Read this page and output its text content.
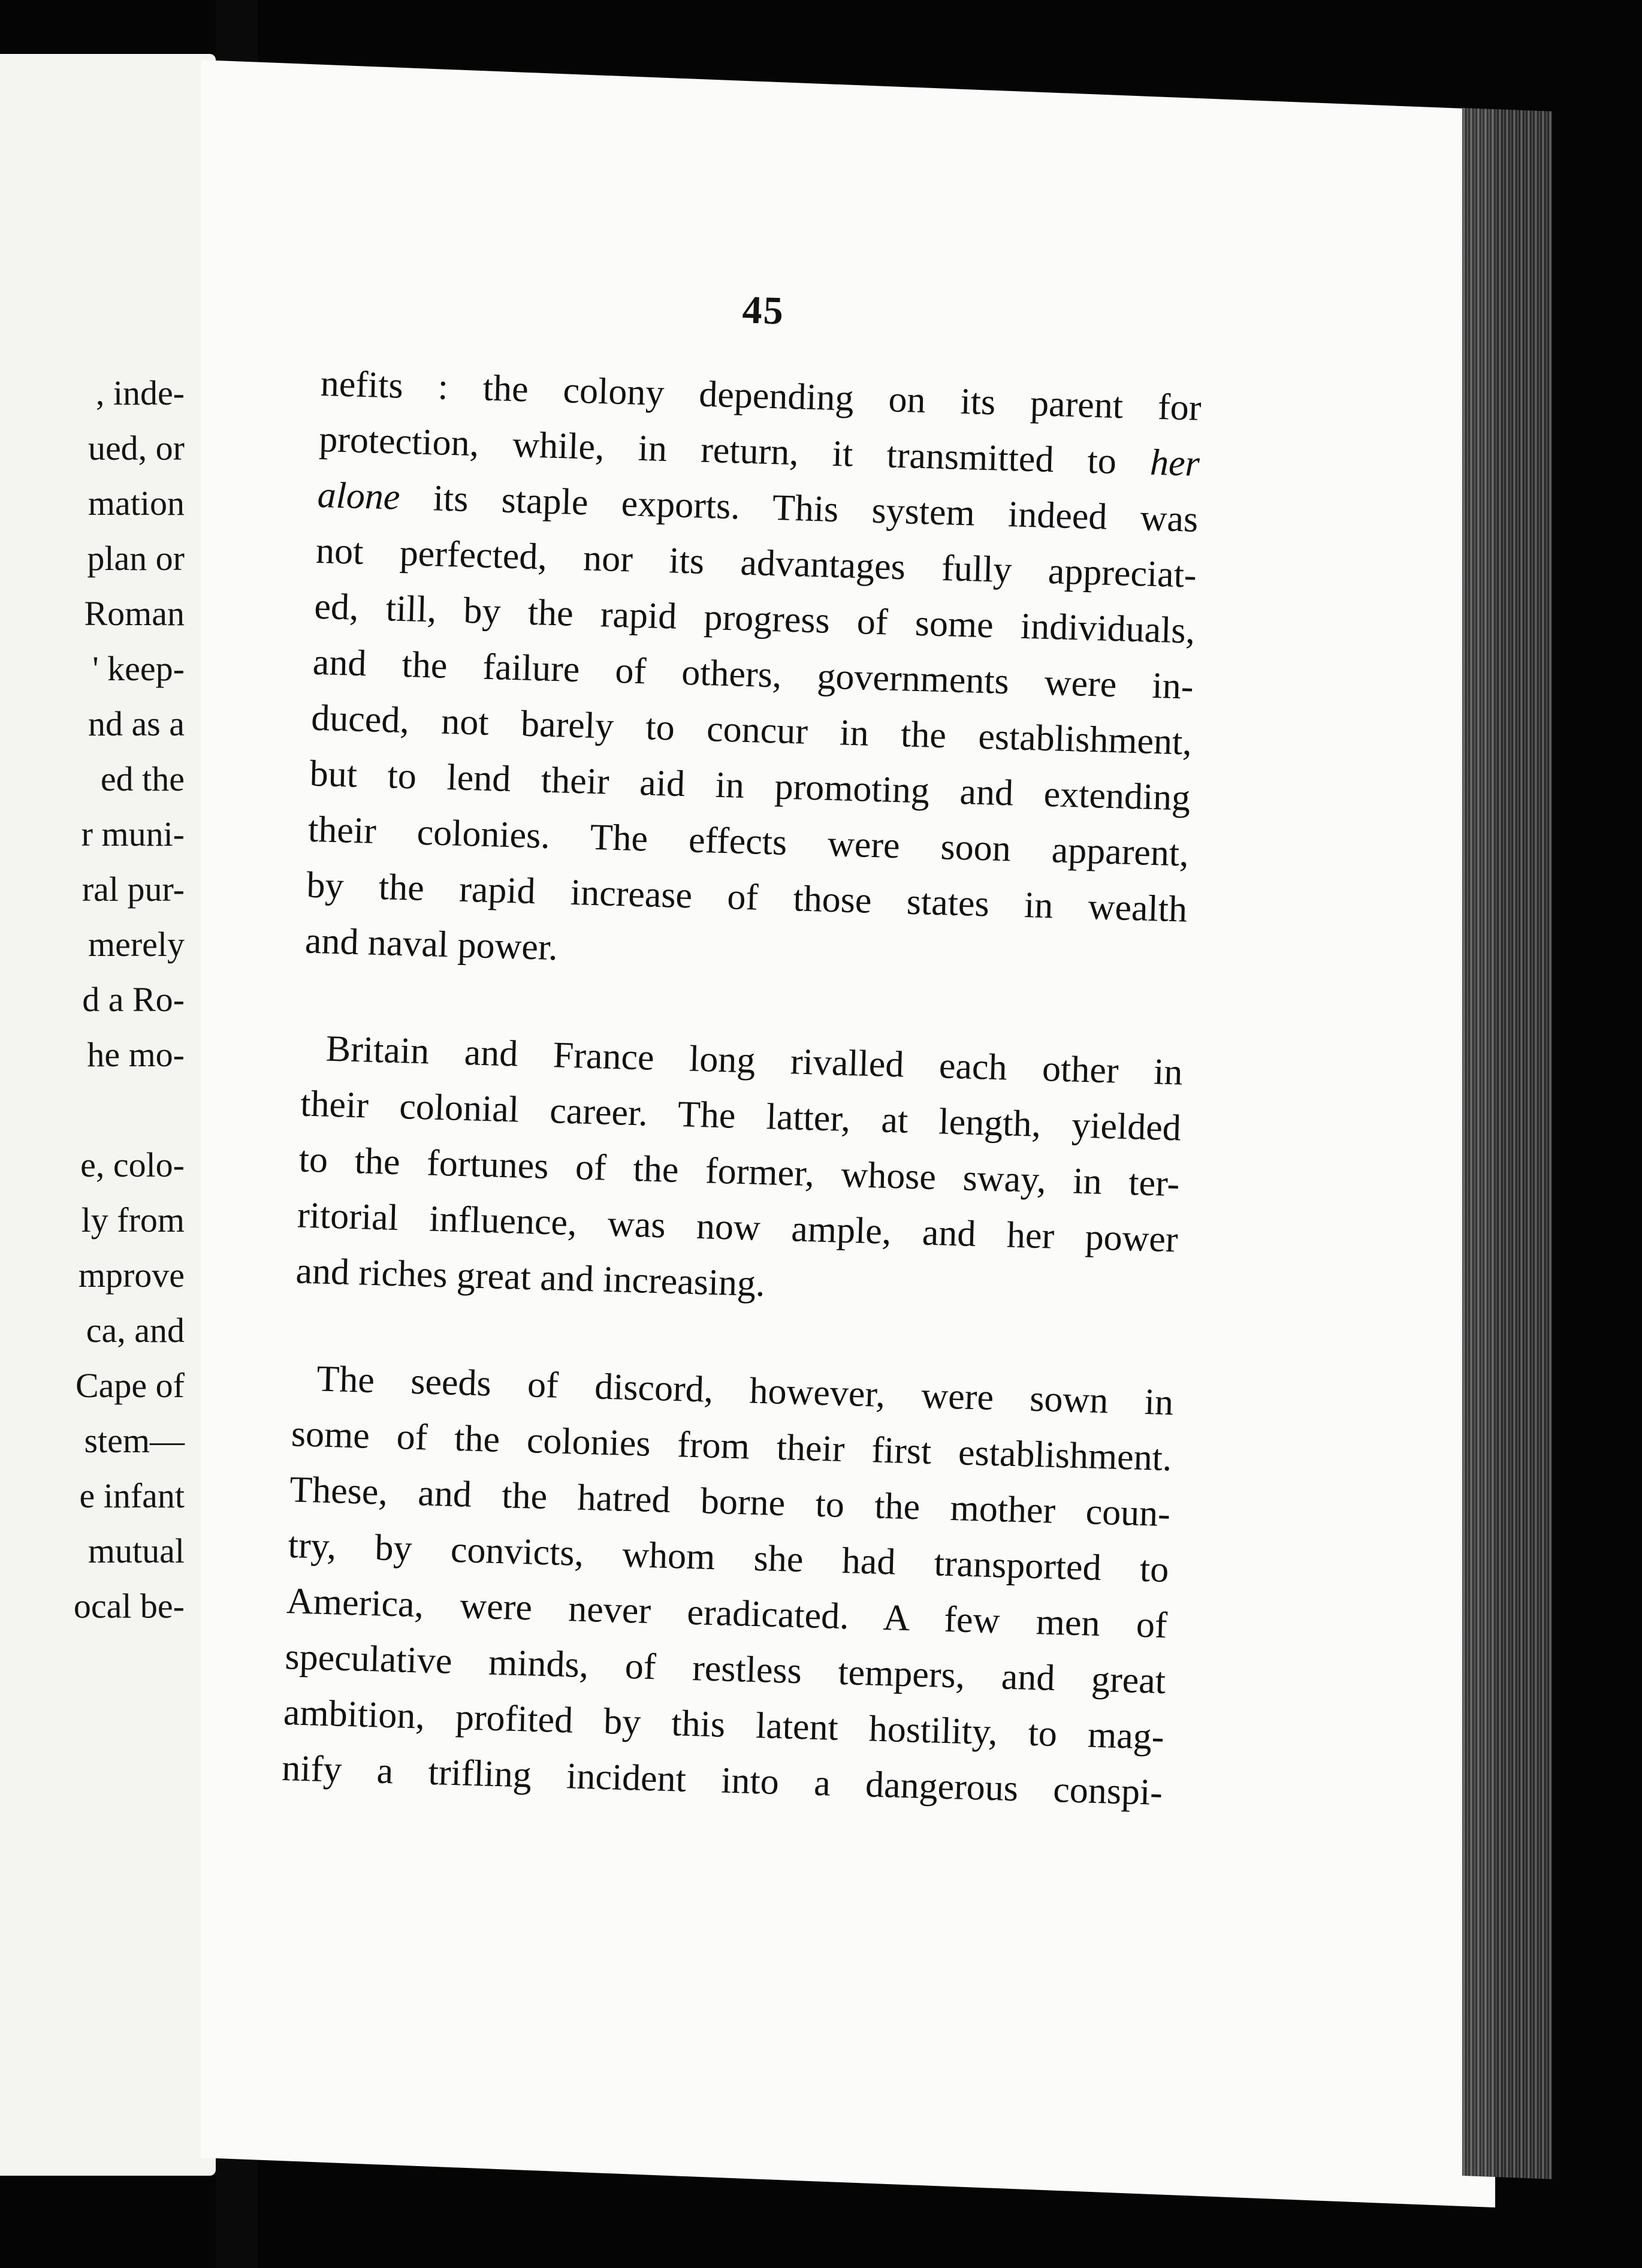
, inde-
ued, or
mation
plan or
Roman
' keep-
nd as a
ed the
r muni-
ral pur-
merely
d a Ro-
he mo-
e, colo-
ly from
mprove
ca, and
Cape of
stem—
e infant
mutual
ocal be-
45
nefits : the colony depending on its parent for
protection, while, in return, it transmitted to her
alone its staple exports. This system indeed was
not perfected, nor its advantages fully appreciat-
ed, till, by the rapid progress of some individuals,
and the failure of others, governments were in-
duced, not barely to concur in the establishment,
but to lend their aid in promoting and extending
their colonies. The effects were soon apparent,
by the rapid increase of those states in wealth
and naval power.
Britain and France long rivalled each other in
their colonial career. The latter, at length, yielded
to the fortunes of the former, whose sway, in ter-
ritorial influence, was now ample, and her power
and riches great and increasing.
The seeds of discord, however, were sown in
some of the colonies from their first establishment.
These, and the hatred borne to the mother coun-
try, by convicts, whom she had transported to
America, were never eradicated. A few men of
speculative minds, of restless tempers, and great
ambition, profited by this latent hostility, to mag-
nify a trifling incident into a dangerous conspi-
